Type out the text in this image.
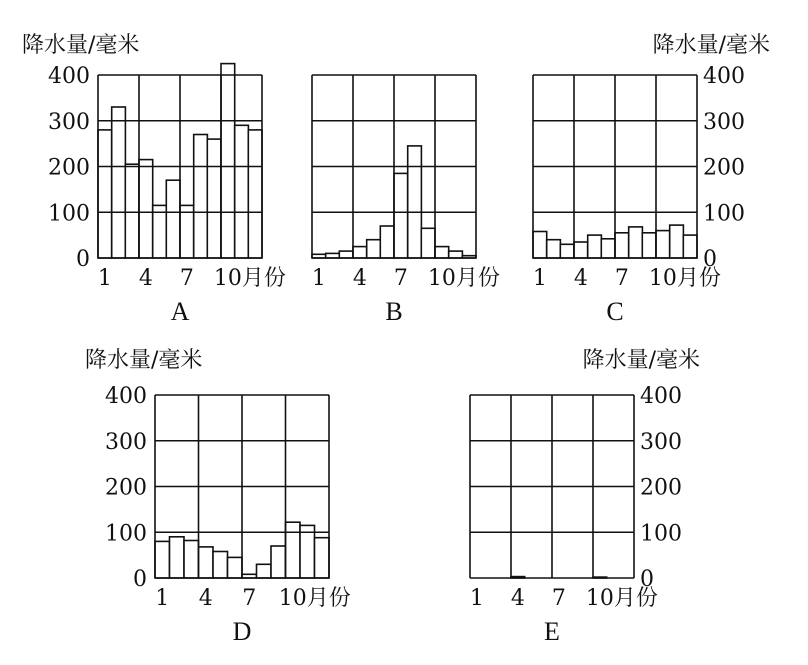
0
100
200
300
400
1 4 7 10 月份
A
降水量/毫米
1 4 7 10 月份
B
0
100
200
300
400
1 4 7 10 月份
C
降水量/毫米
0
100
200
300
400
1 4 7 10 月份
D
降水量/毫米
0
100
200
300
400
1 4 7 10 月份
E
降水量/毫米
